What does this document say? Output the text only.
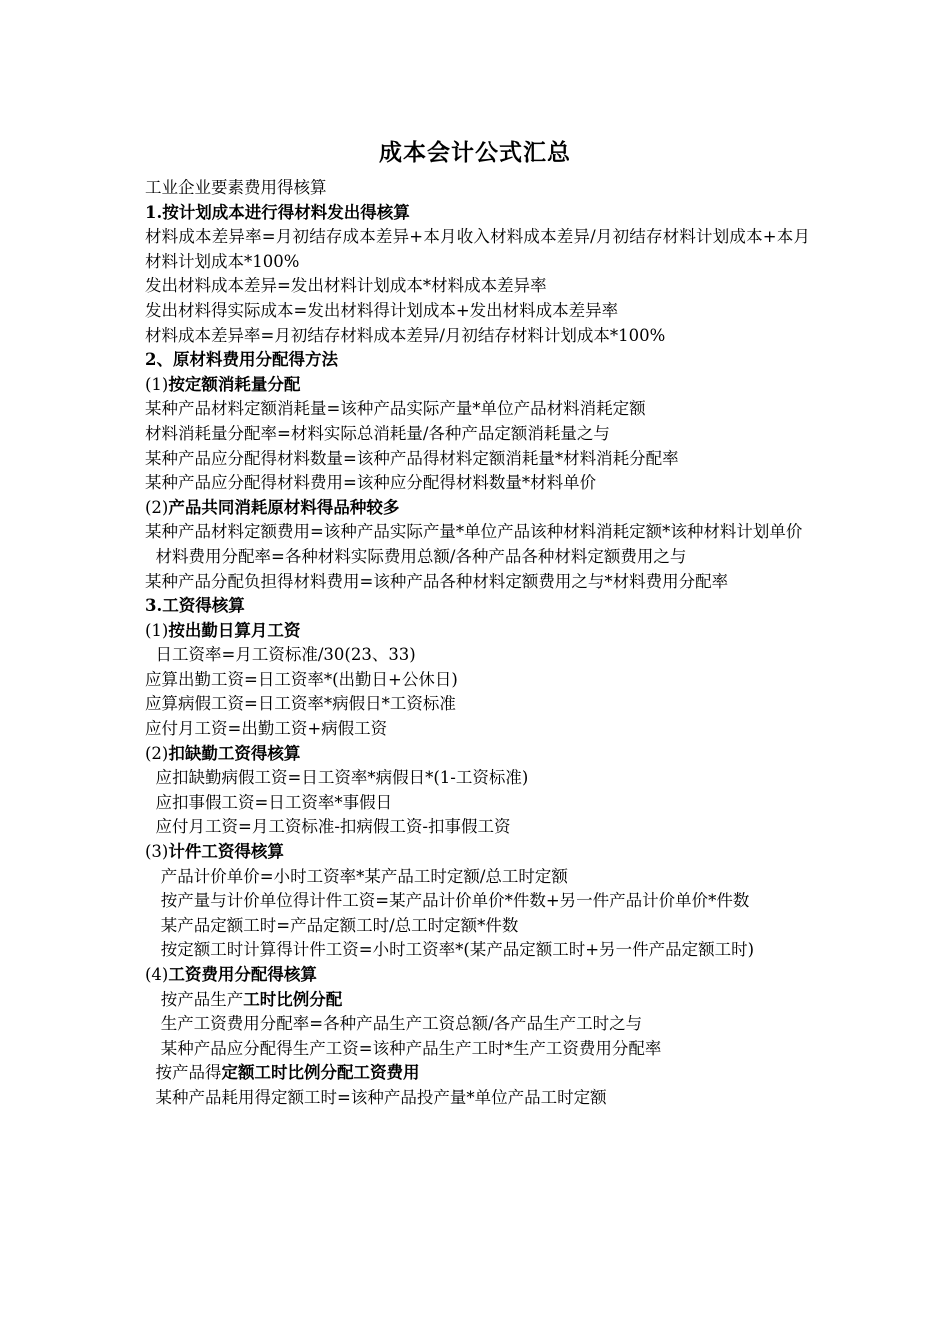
成本会计公式汇总
工业企业要素费用得核算
1.按计划成本进行得材料发出得核算
材料成本差异率=月初结存成本差异+本月收入材料成本差异/月初结存材料计划成本+本月材料计划成本*100%
发出材料成本差异=发出材料计划成本*材料成本差异率
发出材料得实际成本=发出材料得计划成本+发出材料成本差异率
材料成本差异率=月初结存材料成本差异/月初结存材料计划成本*100%
2、原材料费用分配得方法
(1)按定额消耗量分配
某种产品材料定额消耗量=该种产品实际产量*单位产品材料消耗定额
材料消耗量分配率=材料实际总消耗量/各种产品定额消耗量之与
某种产品应分配得材料数量=该种产品得材料定额消耗量*材料消耗分配率
某种产品应分配得材料费用=该种应分配得材料数量*材料单价
(2)产品共同消耗原材料得品种较多
某种产品材料定额费用=该种产品实际产量*单位产品该种材料消耗定额*该种材料计划单价
材料费用分配率=各种材料实际费用总额/各种产品各种材料定额费用之与
某种产品分配负担得材料费用=该种产品各种材料定额费用之与*材料费用分配率
3.工资得核算
(1)按出勤日算月工资
日工资率=月工资标准/30(23、33)
应算出勤工资=日工资率*(出勤日+公休日)
应算病假工资=日工资率*病假日*工资标准
应付月工资=出勤工资+病假工资
(2)扣缺勤工资得核算
应扣缺勤病假工资=日工资率*病假日*(1-工资标准)
应扣事假工资=日工资率*事假日
应付月工资=月工资标准-扣病假工资-扣事假工资
(3)计件工资得核算
产品计价单价=小时工资率*某产品工时定额/总工时定额
按产量与计价单位得计件工资=某产品计价单价*件数+另一件产品计价单价*件数
某产品定额工时=产品定额工时/总工时定额*件数
按定额工时计算得计件工资=小时工资率*(某产品定额工时+另一件产品定额工时)
(4)工资费用分配得核算
按产品生产工时比例分配
生产工资费用分配率=各种产品生产工资总额/各产品生产工时之与
某种产品应分配得生产工资=该种产品生产工时*生产工资费用分配率
按产品得定额工时比例分配工资费用
某种产品耗用得定额工时=该种产品投产量*单位产品工时定额
